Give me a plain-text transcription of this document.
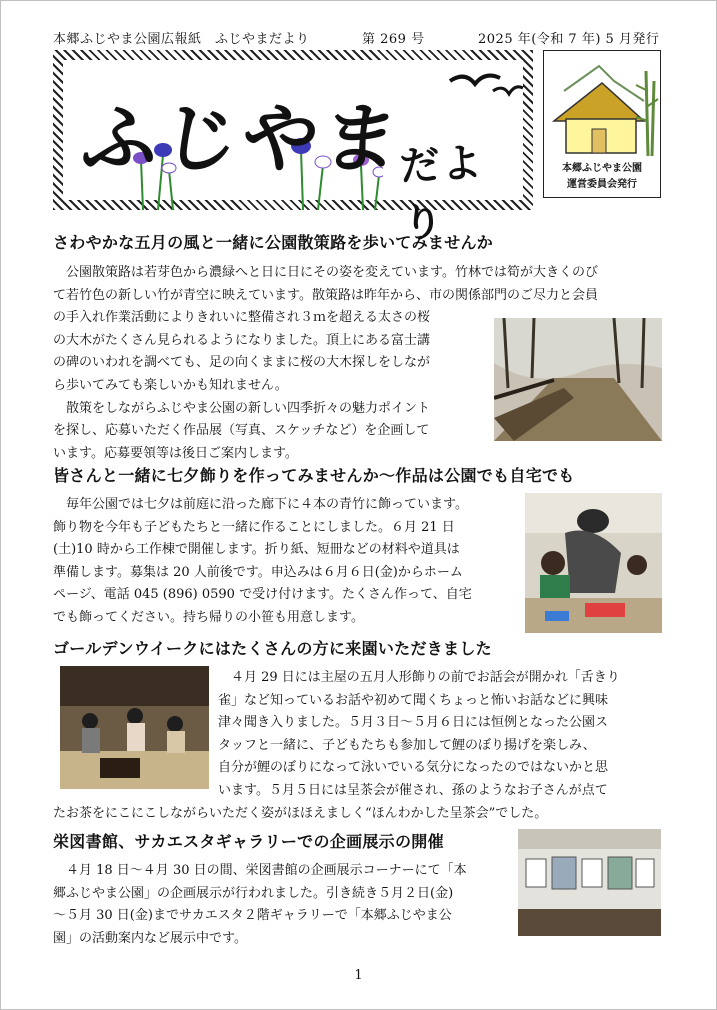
本郷ふじやま公園広報紙　ふじやまだより	第 269 号	2025 年(令和 7 年) 5 月発行
ふじやま
だより
本郷ふじやま公園
運営委員会発行
さわやかな五月の風と一緒に公園散策路を歩いてみませんか
　公園散策路は若芽色から濃緑へと日に日にその姿を変えています。竹林では筍が大きくのび
て若竹色の新しい竹が青空に映えています。散策路は昨年から、市の関係部門のご尽力と会員
の手入れ作業活動によりきれいに整備され３ｍを超える太さの桜
の大木がたくさん見られるようになりました。頂上にある富士講
の碑のいわれを調べても、足の向くままに桜の大木探しをしなが
ら歩いてみても楽しいかも知れません。
　散策をしながらふじやま公園の新しい四季折々の魅力ポイント
を探し、応募いただく作品展（写真、スケッチなど）を企画して
います。応募要領等は後日ご案内します。
皆さんと一緒に七夕飾りを作ってみませんか～作品は公園でも自宅でも
　毎年公園では七夕は前庭に沿った廊下に４本の青竹に飾っています。
飾り物を今年も子どもたちと一緒に作ることにしました。６月 21 日
(土)10 時から工作棟で開催します。折り紙、短冊などの材料や道具は
準備します。募集は 20 人前後です。申込みは６月６日(金)からホーム
ページ、電話 045 (896) 0590 で受け付けます。たくさん作って、自宅
でも飾ってください。持ち帰りの小笹も用意します。
ゴールデンウイークにはたくさんの方に来園いただきました
　４月 29 日には主屋の五月人形飾りの前でお話会が開かれ「舌きり
雀」など知っているお話や初めて聞くちょっと怖いお話などに興味
津々聞き入りました。５月３日～５月６日には恒例となった公園ス
タッフと一緒に、子どもたちも参加して鯉のぼり揚げを楽しみ、
自分が鯉のぼりになって泳いでいる気分になったのではないかと思
います。５月５日には呈茶会が催され、孫のようなお子さんが点て
たお茶をにこにこしながらいただく姿がほほえましく“ほんわかした呈茶会”でした。
栄図書館、サカエスタギャラリーでの企画展示の開催
　４月 18 日～４月 30 日の間、栄図書館の企画展示コーナーにて「本
郷ふじやま公園」の企画展示が行われました。引き続き５月２日(金)
～５月 30 日(金)までサカエスタ２階ギャラリーで「本郷ふじやま公
園」の活動案内など展示中です。
1
